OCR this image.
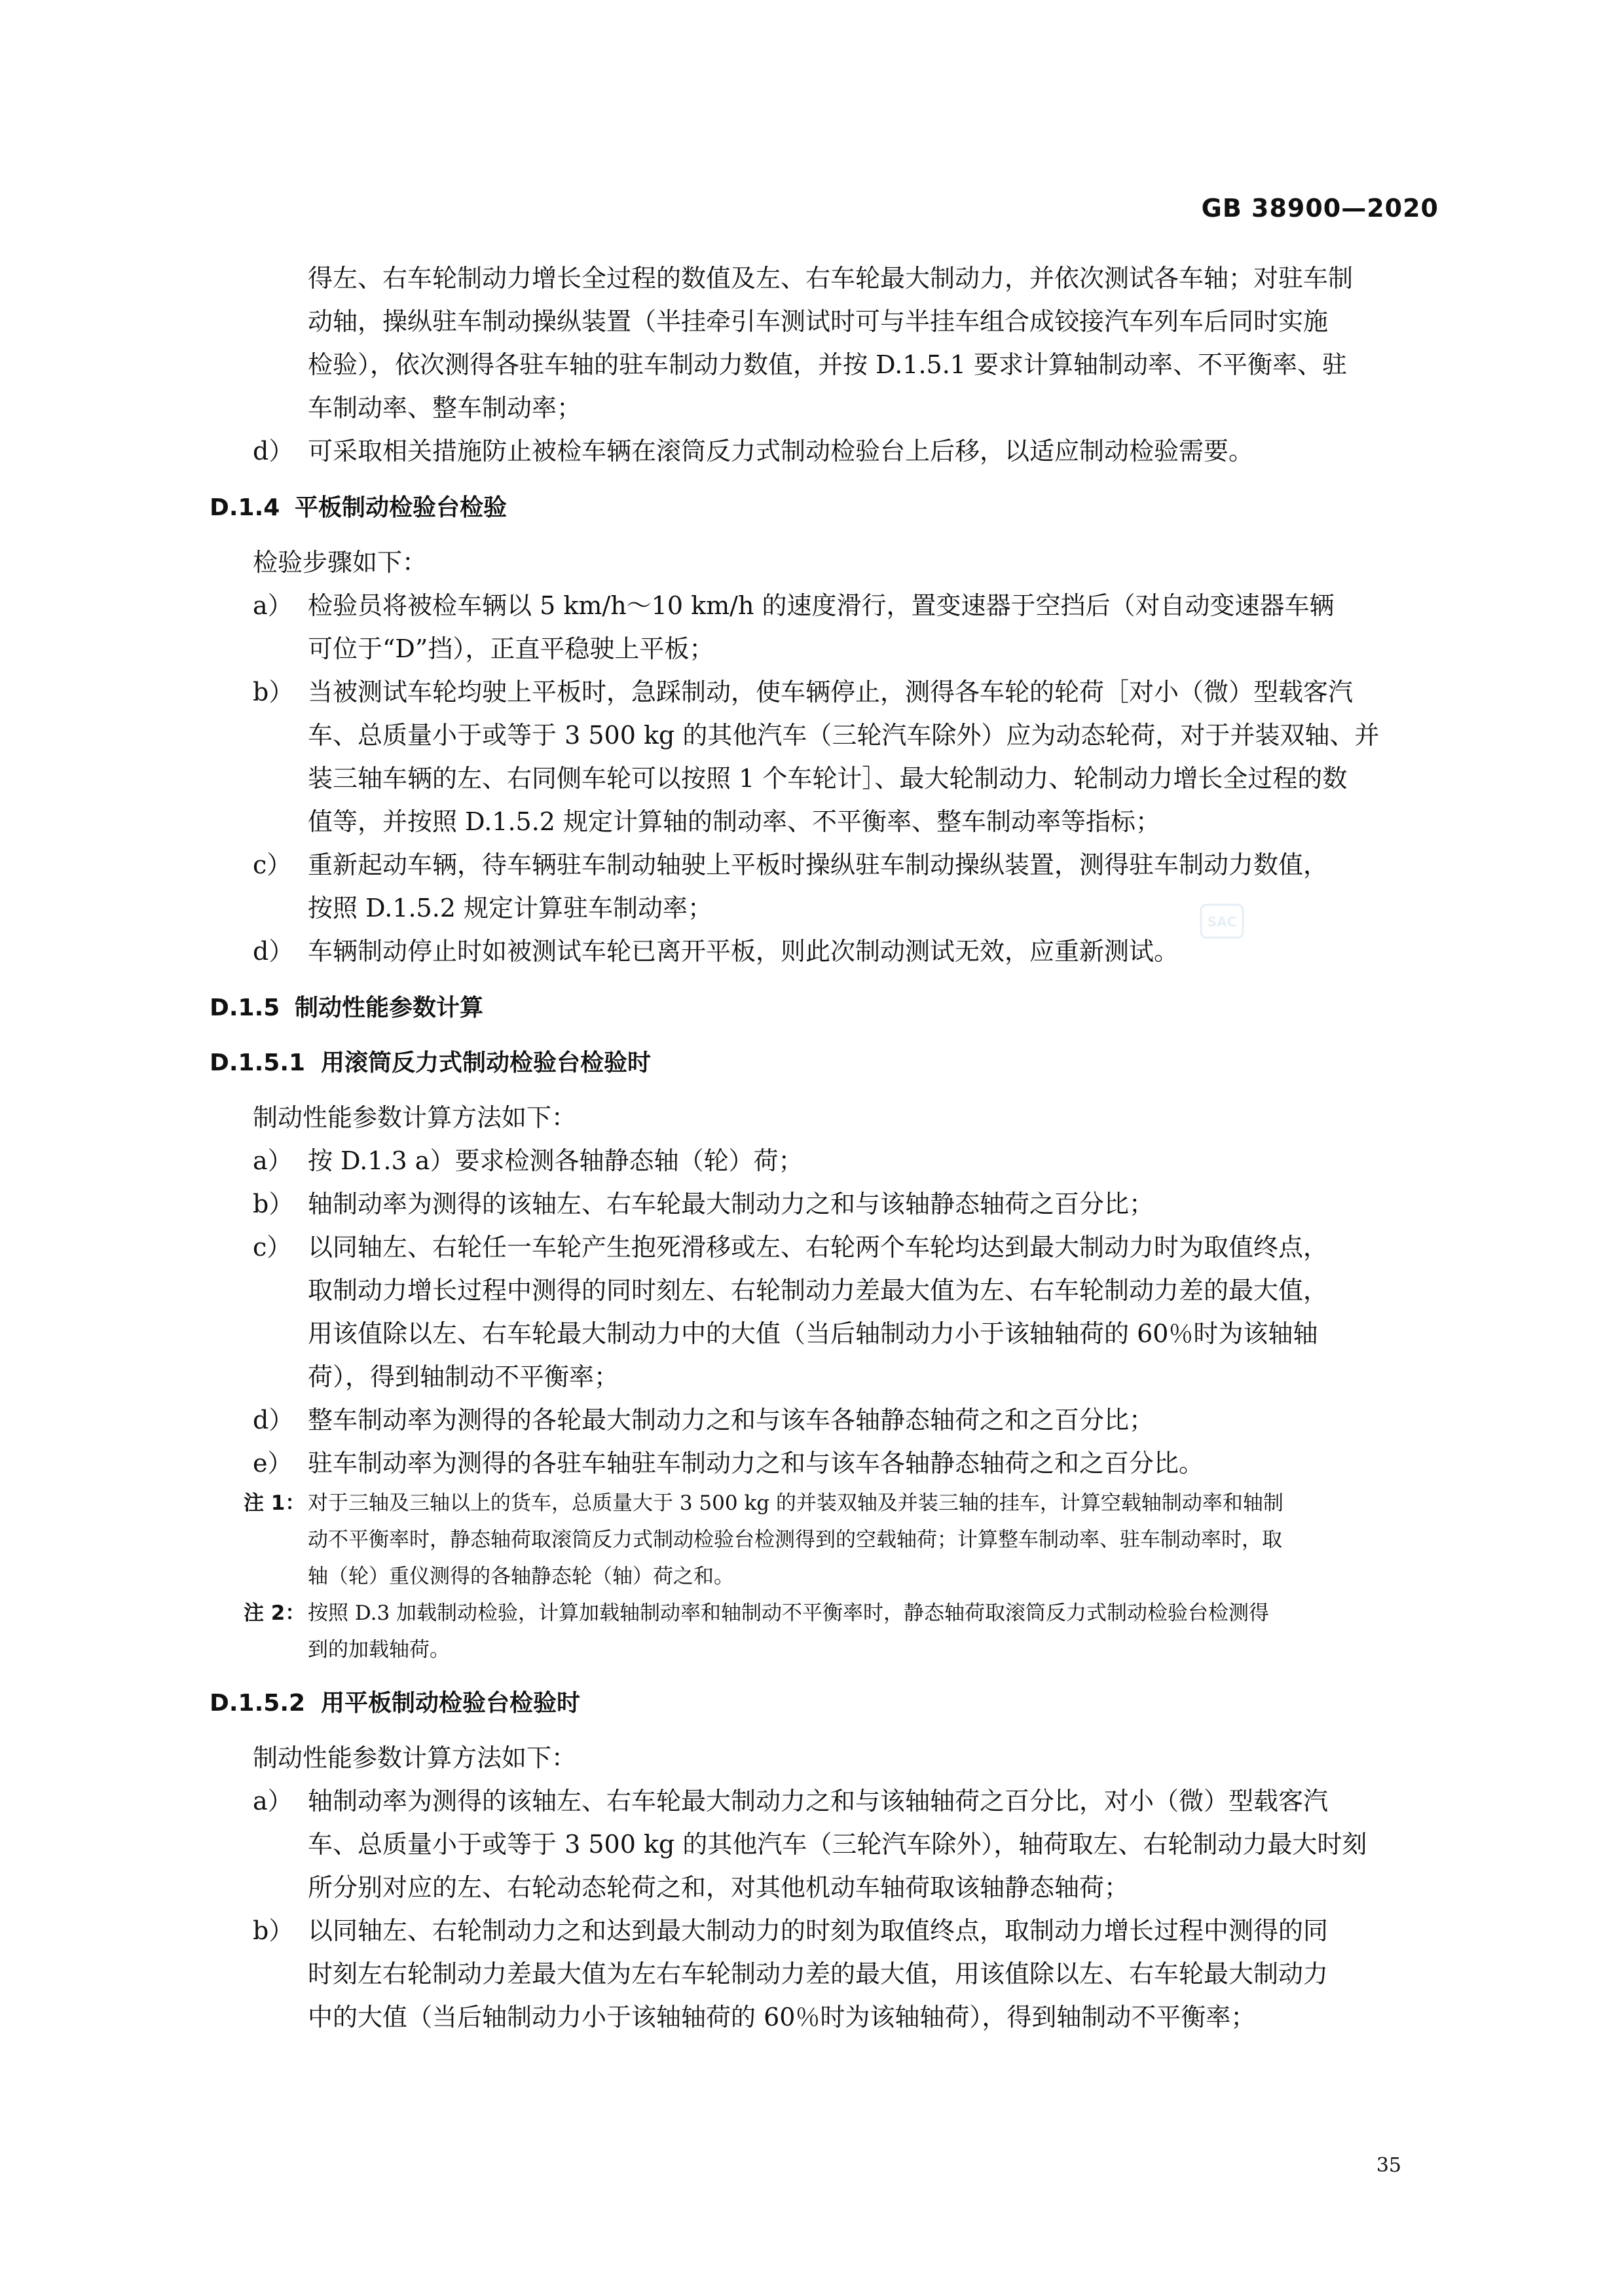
GB 38900—2020
SAC
得左、右车轮制动力增长全过程的数值及左、右车轮最大制动力，并依次测试各车轴；对驻车制
动轴，操纵驻车制动操纵装置（半挂牵引车测试时可与半挂车组合成铰接汽车列车后同时实施
检验），依次测得各驻车轴的驻车制动力数值，并按 D.1.5.1 要求计算轴制动率、不平衡率、驻
车制动率、整车制动率；
d） 可采取相关措施防止被检车辆在滚筒反力式制动检验台上后移，以适应制动检验需要。
D.1.4 平板制动检验台检验
检验步骤如下：
a） 检验员将被检车辆以 5 km/h～10 km/h 的速度滑行，置变速器于空挡后（对自动变速器车辆
可位于“D”挡），正直平稳驶上平板；
b） 当被测试车轮均驶上平板时，急踩制动，使车辆停止，测得各车轮的轮荷［对小（微）型载客汽
车、总质量小于或等于 3 500 kg 的其他汽车（三轮汽车除外）应为动态轮荷，对于并装双轴、并
装三轴车辆的左、右同侧车轮可以按照 1 个车轮计］、最大轮制动力、轮制动力增长全过程的数
值等，并按照 D.1.5.2 规定计算轴的制动率、不平衡率、整车制动率等指标；
c） 重新起动车辆，待车辆驻车制动轴驶上平板时操纵驻车制动操纵装置，测得驻车制动力数值，
按照 D.1.5.2 规定计算驻车制动率；
d） 车辆制动停止时如被测试车轮已离开平板，则此次制动测试无效，应重新测试。
D.1.5 制动性能参数计算
D.1.5.1 用滚筒反力式制动检验台检验时
制动性能参数计算方法如下：
a） 按 D.1.3 a）要求检测各轴静态轴（轮）荷；
b） 轴制动率为测得的该轴左、右车轮最大制动力之和与该轴静态轴荷之百分比；
c） 以同轴左、右轮任一车轮产生抱死滑移或左、右轮两个车轮均达到最大制动力时为取值终点，
取制动力增长过程中测得的同时刻左、右轮制动力差最大值为左、右车轮制动力差的最大值，
用该值除以左、右车轮最大制动力中的大值（当后轴制动力小于该轴轴荷的 60％时为该轴轴
荷），得到轴制动不平衡率；
d） 整车制动率为测得的各轮最大制动力之和与该车各轴静态轴荷之和之百分比；
e） 驻车制动率为测得的各驻车轴驻车制动力之和与该车各轴静态轴荷之和之百分比。
注 1： 对于三轴及三轴以上的货车，总质量大于 3 500 kg 的并装双轴及并装三轴的挂车，计算空载轴制动率和轴制
动不平衡率时，静态轴荷取滚筒反力式制动检验台检测得到的空载轴荷；计算整车制动率、驻车制动率时，取
轴（轮）重仪测得的各轴静态轮（轴）荷之和。
注 2： 按照 D.3 加载制动检验，计算加载轴制动率和轴制动不平衡率时，静态轴荷取滚筒反力式制动检验台检测得
到的加载轴荷。
D.1.5.2 用平板制动检验台检验时
制动性能参数计算方法如下：
a） 轴制动率为测得的该轴左、右车轮最大制动力之和与该轴轴荷之百分比，对小（微）型载客汽
车、总质量小于或等于 3 500 kg 的其他汽车（三轮汽车除外），轴荷取左、右轮制动力最大时刻
所分别对应的左、右轮动态轮荷之和，对其他机动车轴荷取该轴静态轴荷；
b） 以同轴左、右轮制动力之和达到最大制动力的时刻为取值终点，取制动力增长过程中测得的同
时刻左右轮制动力差最大值为左右车轮制动力差的最大值，用该值除以左、右车轮最大制动力
中的大值（当后轴制动力小于该轴轴荷的 60％时为该轴轴荷），得到轴制动不平衡率；
35
